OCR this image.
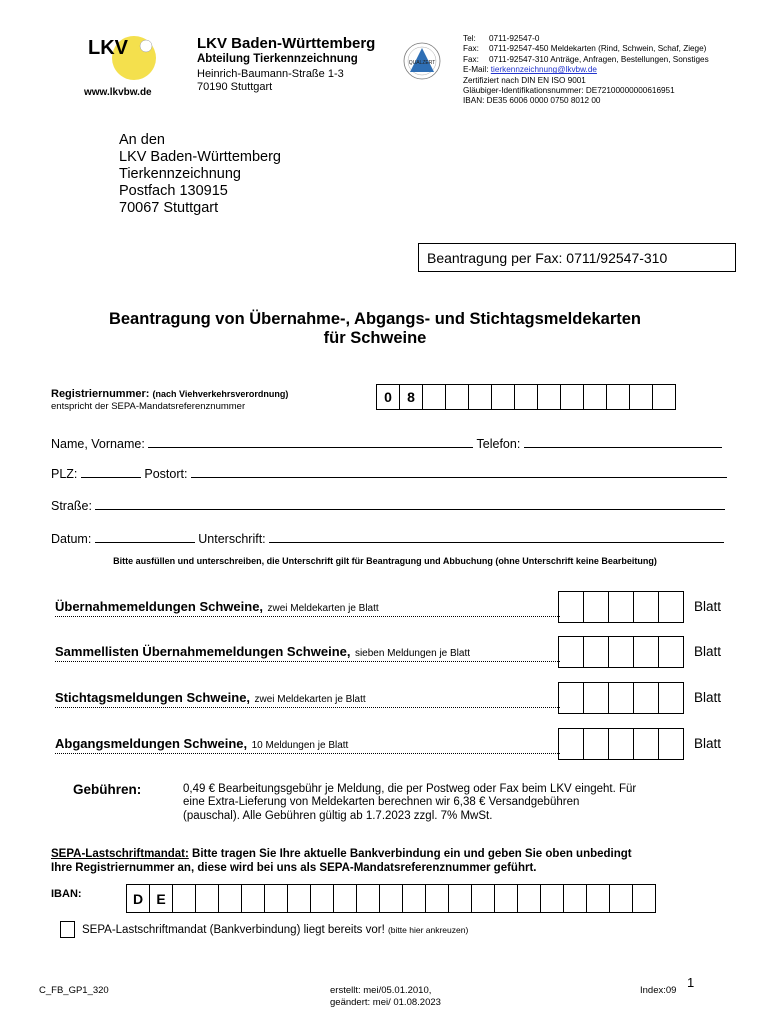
LKV
www.lkvbw.de
LKV Baden-Württemberg
Abteilung Tierkennzeichnung
Heinrich-Baumann-Straße 1-3
70190 Stuttgart
QUALZERT
Tel: 0711-92547-0
Fax: 0711-92547-450 Meldekarten (Rind, Schwein, Schaf, Ziege)
Fax: 0711-92547-310 Anträge, Anfragen, Bestellungen, Sonstiges
E-Mail: tierkennzeichnung@lkvbw.de
Zertifiziert nach DIN EN ISO 9001
Gläubiger-Identifikationsnummer: DE72100000000616951
IBAN: DE35 6006 0000 0750 8012 00
An den
LKV Baden-Württemberg
Tierkennzeichnung
Postfach 130915
70067 Stuttgart
Beantragung per Fax: 0711/92547-310
Beantragung von Übernahme-, Abgangs- und Stichtagsmeldekarten
für Schweine
Registriernummer: (nach Viehverkehrsverordnung)
entspricht der SEPA-Mandatsreferenznummer
0	8
Name, Vorname:	Telefon:
PLZ:	Postort:
Straße:
Datum:	Unterschrift:
Bitte ausfüllen und unterschreiben, die Unterschrift gilt für Beantragung und Abbuchung (ohne Unterschrift keine Bearbeitung)
Übernahmemeldungen Schweine, zwei Meldekarten je Blatt	Blatt
Sammellisten Übernahmemeldungen Schweine, sieben Meldungen je Blatt	Blatt
Stichtagsmeldungen Schweine, zwei Meldekarten je Blatt	Blatt
Abgangsmeldungen Schweine, 10 Meldungen je Blatt	Blatt
Gebühren:	0,49 € Bearbeitungsgebühr je Meldung, die per Postweg oder Fax beim LKV eingeht. Für
eine Extra-Lieferung von Meldekarten berechnen wir 6,38 € Versandgebühren
(pauschal). Alle Gebühren gültig ab 1.7.2023 zzgl. 7% MwSt.
SEPA-Lastschriftmandat: Bitte tragen Sie Ihre aktuelle Bankverbindung ein und geben Sie oben unbedingt
Ihre Registriernummer an, diese wird bei uns als SEPA-Mandatsreferenznummer geführt.
IBAN:	D E
SEPA-Lastschriftmandat (Bankverbindung) liegt bereits vor! (bitte hier ankreuzen)
C_FB_GP1_320	erstellt: mei/05.01.2010,
geändert: mei/ 01.08.2023
Index:09
1
